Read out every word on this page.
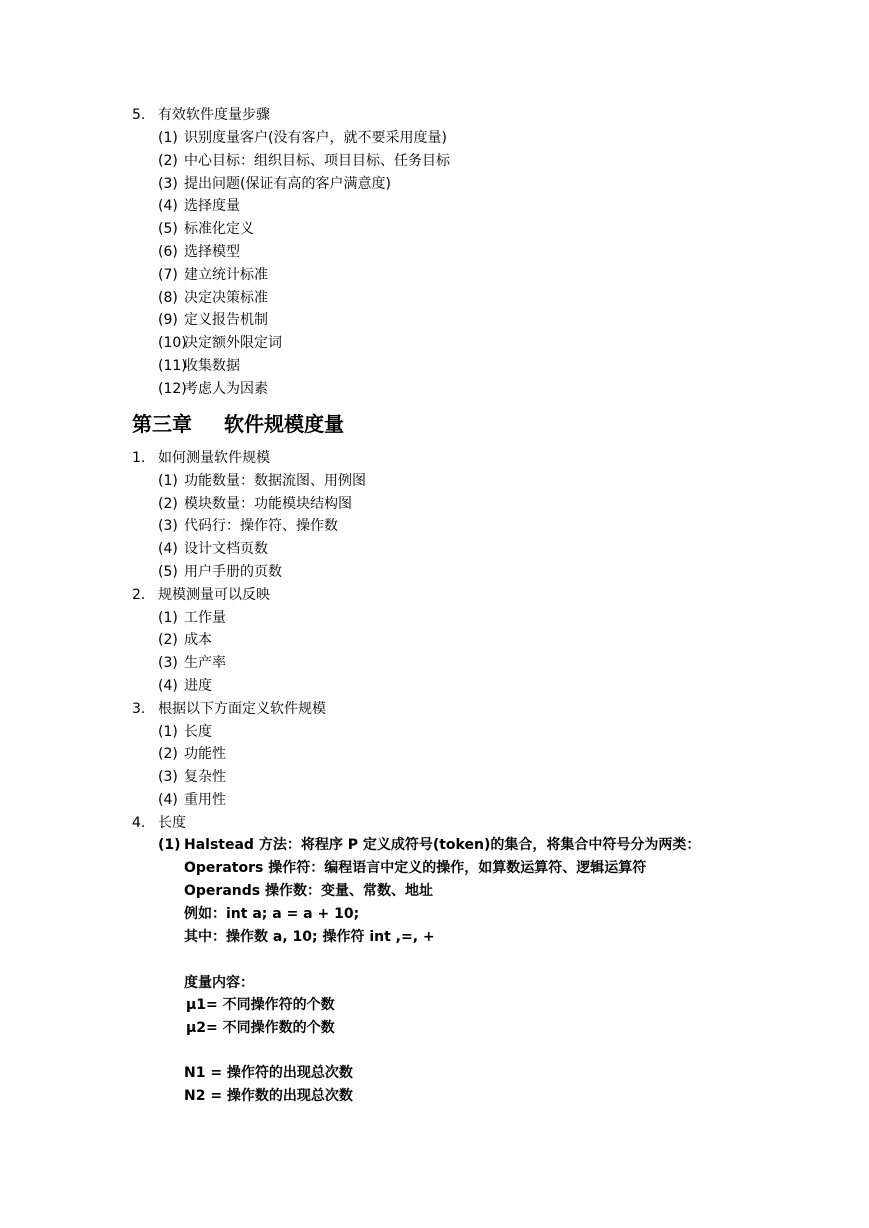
5. 有效软件度量步骤
第三章 软件规模度量
(1) Halstead 方法：将程序 P 定义成符号(token)的集合，将集合中符号分为两类：
Operators 操作符：编程语言中定义的操作，如算数运算符、逻辑运算符
Operands 操作数：变量、常数、地址
例如：int a; a = a + 10;
其中：操作数 a, 10; 操作符 int ,=, +
度量内容：
μ1= 不同操作符的个数
μ2= 不同操作数的个数
N1 = 操作符的出现总次数
N2 = 操作数的出现总次数
(1) 识别度量客户(没有客户，就不要采用度量)
(2) 中心目标：组织目标、项目目标、任务目标
(3) 提出问题(保证有高的客户满意度)
(4) 选择度量
(5) 标准化定义
(6) 选择模型
(7) 建立统计标准
(8) 决定决策标准
(9) 定义报告机制
(10)
决定额外限定词
(11)
收集数据
(12)
考虑人为因素
1. 如何测量软件规模
(1) 功能数量：数据流图、用例图
(2) 模块数量：功能模块结构图
(3) 代码行：操作符、操作数
(4) 设计文档页数
(5) 用户手册的页数
2. 规模测量可以反映
(1) 工作量
(2) 成本
(3) 生产率
(4) 进度
3. 根据以下方面定义软件规模
(1) 长度
(2) 功能性
(3) 复杂性
(4) 重用性
4. 长度
